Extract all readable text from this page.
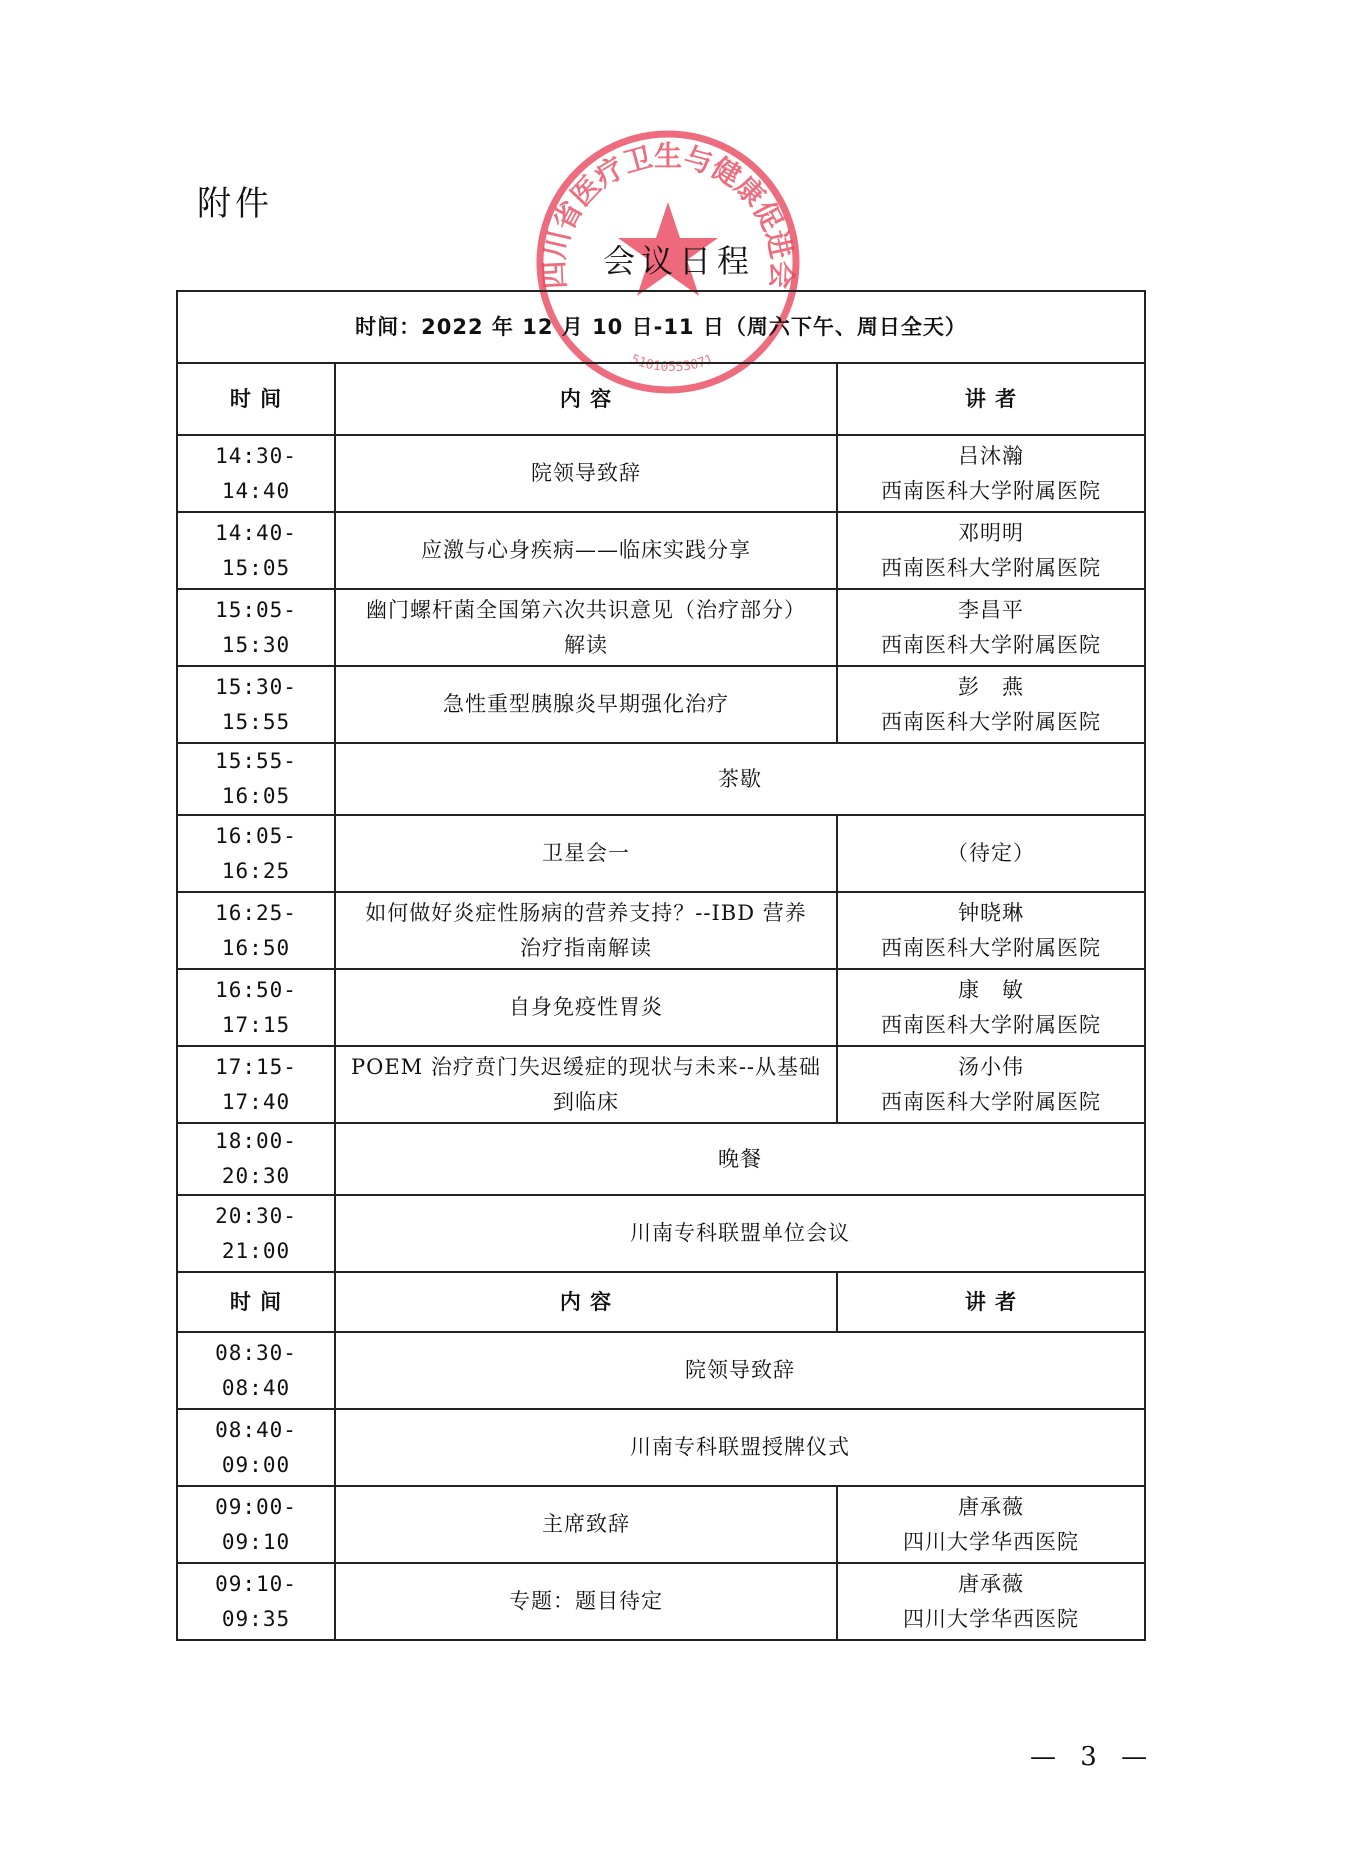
附件
四川省医疗卫生与健康促进会
51010553071
会议日程
时间：2022 年 12 月 10 日-11 日（周六下午、周日全天）		
时 间	内 容	讲 者
14:30-14:40	院领导致辞	吕沐瀚
西南医科大学附属医院

14:40-15:05	应激与心身疾病——临床实践分享	邓明明
西南医科大学附属医院

15:05-15:30	幽门螺杆菌全国第六次共识意见（治疗部分）
解读	李昌平
西南医科大学附属医院

15:30-15:55	急性重型胰腺炎早期强化治疗	彭　燕
西南医科大学附属医院

15:55-16:05	茶歇	

16:05-16:25	卫星会一	（待定）

16:25-16:50	如何做好炎症性肠病的营养支持？--IBD 营养
治疗指南解读	钟晓琳
西南医科大学附属医院

16:50-17:15	自身免疫性胃炎	康　敏
西南医科大学附属医院

17:15-17:40	POEM 治疗贲门失迟缓症的现状与未来--从基础
到临床	汤小伟
西南医科大学附属医院

18:00-20:30	晚餐	

20:30-21:00	川南专科联盟单位会议	

时 间	内 容	讲 者
08:30-08:40	院领导致辞	

08:40-09:00	川南专科联盟授牌仪式	

09:00-09:10	主席致辞	唐承薇
四川大学华西医院

09:10-09:35	专题：题目待定	唐承薇
四川大学华西医院
— 3 —
